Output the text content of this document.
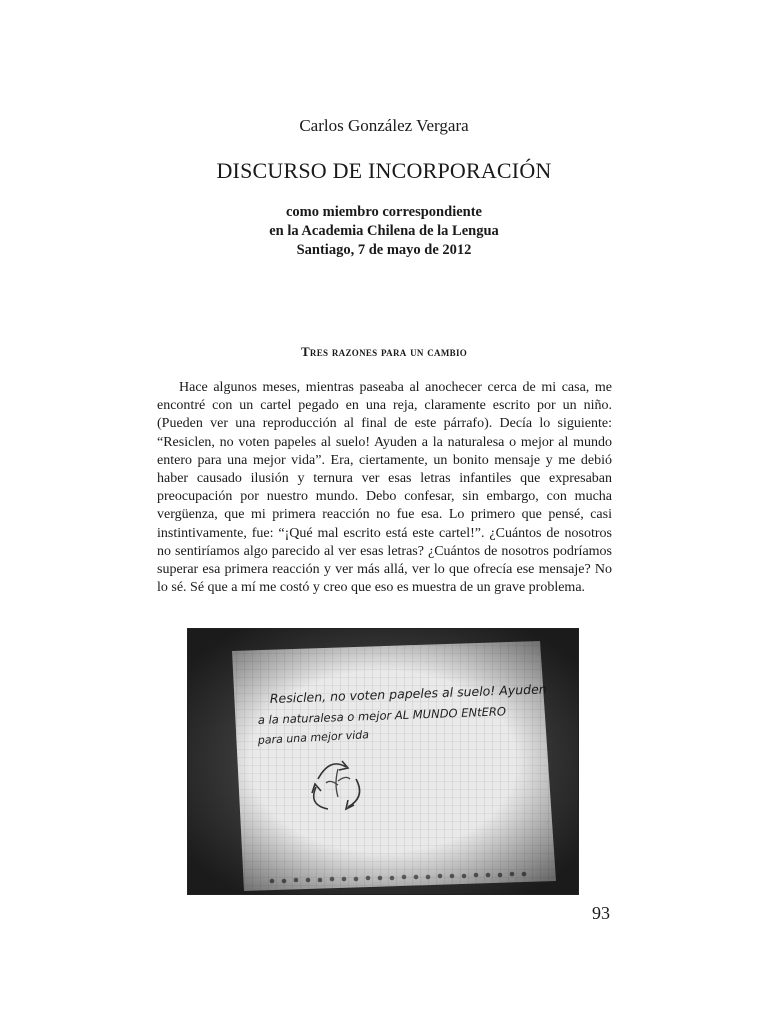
Carlos González Vergara
DISCURSO DE INCORPORACIÓN
como miembro correspondiente
en la Academia Chilena de la Lengua
Santiago, 7 de mayo de 2012
Tres razones para un cambio

Hace algunos meses, mientras paseaba al anochecer cerca de mi casa, me encontré con un cartel pegado en una reja, claramente escrito por un niño. (Pueden ver una reproducción al final de este párrafo). Decía lo siguiente: “Resiclen, no voten papeles al suelo! Ayuden a la naturalesa o mejor al mundo entero para una mejor vida”. Era, ciertamente, un bonito mensaje y me debió haber causado ilusión y ternura ver esas letras infantiles que expresaban preocupación por nuestro mundo. Debo confesar, sin embargo, con mucha vergüenza, que mi primera reacción no fue esa. Lo primero que pensé, casi instintivamente, fue: “¡Qué mal escrito está este cartel!”. ¿Cuántos de nosotros no sentiríamos algo parecido al ver esas letras? ¿Cuántos de nosotros podríamos superar esa primera reacción y ver más allá, ver lo que ofrecía ese mensaje? No lo sé. Sé que a mí me costó y creo que eso es muestra de un grave problema.

93
